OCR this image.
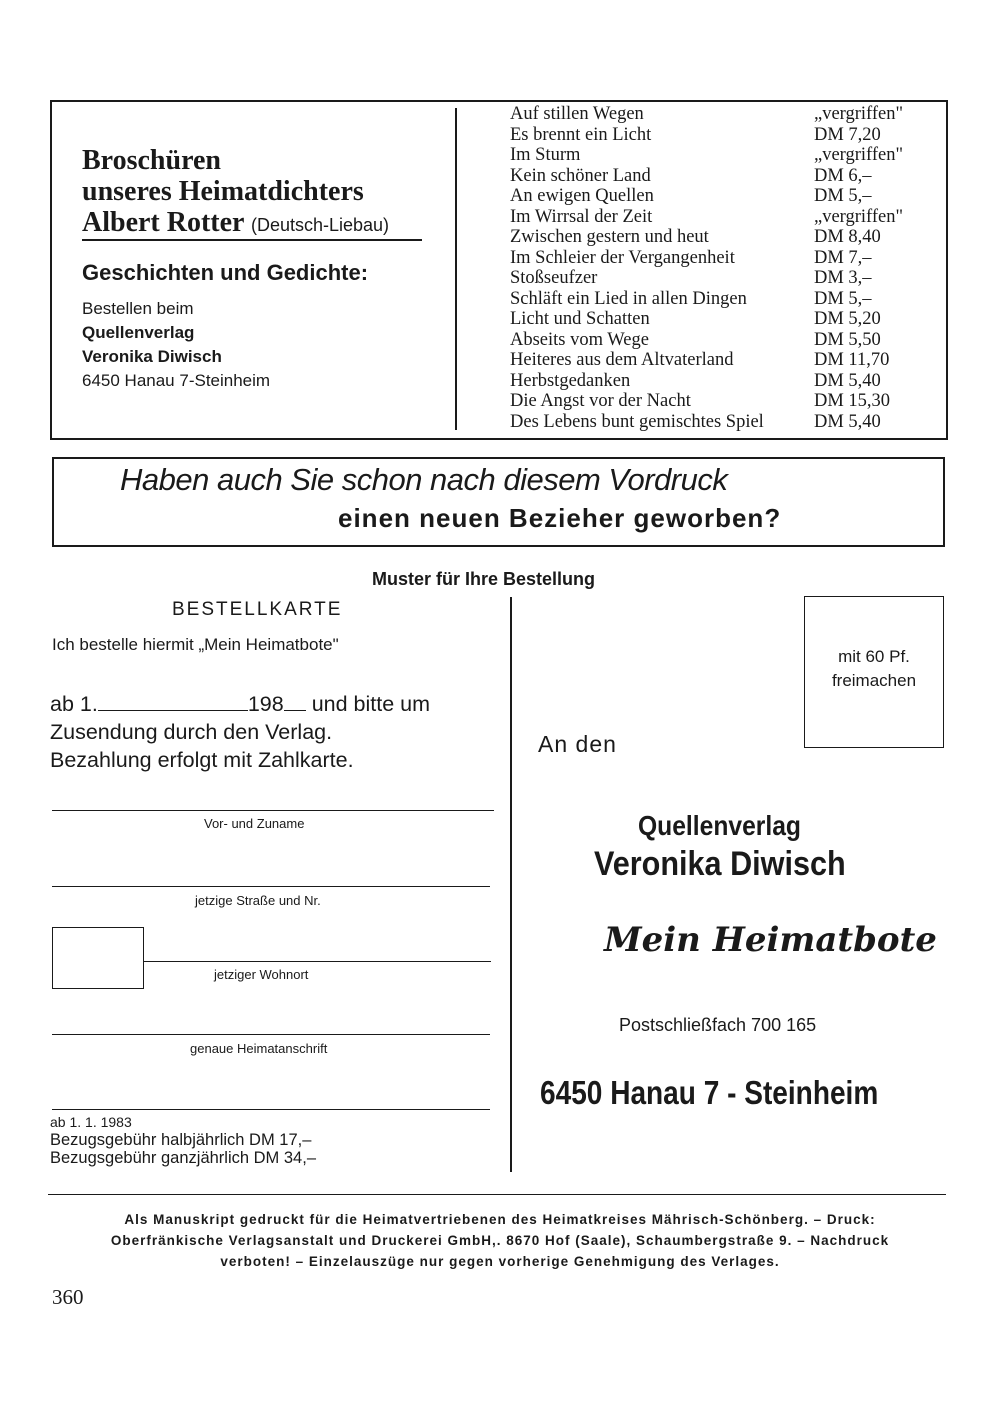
Broschüren
unseres Heimatdichters
Albert Rotter (Deutsch-Liebau)
Geschichten und Gedichte:
Bestellen beim
Quellenverlag
Veronika Diwisch
6450 Hanau 7-Steinheim
Auf stillen Wegen	„vergriffen"
Es brennt ein Licht	DM 7,20
Im Sturm	„vergriffen"
Kein schöner Land	DM 6,–
An ewigen Quellen	DM 5,–
Im Wirrsal der Zeit	„vergriffen"
Zwischen gestern und heut	DM 8,40
Im Schleier der Vergangenheit	DM 7,–
Stoßseufzer	DM 3,–
Schläft ein Lied in allen Dingen	DM 5,–
Licht und Schatten	DM 5,20
Abseits vom Wege	DM 5,50
Heiteres aus dem Altvaterland	DM 11,70
Herbstgedanken	DM 5,40
Die Angst vor der Nacht	DM 15,30
Des Lebens bunt gemischtes Spiel	DM 5,40
Haben auch Sie schon nach diesem Vordruck
einen neuen Bezieher geworben?
Muster für Ihre Bestellung
BESTELLKARTE
Ich bestelle hiermit „Mein Heimatbote"
ab 1.	198 und bitte um
Zusendung durch den Verlag.
Bezahlung erfolgt mit Zahlkarte.
Vor- und Zuname
jetzige Straße und Nr.
jetziger Wohnort
genaue Heimatanschrift
ab 1. 1. 1983
Bezugsgebühr halbjährlich DM 17,–
Bezugsgebühr ganzjährlich DM 34,–
mit 60 Pf.
freimachen
An den
Quellenverlag
Veronika Diwisch
Mein Heimatbote
Postschließfach 700 165
6450 Hanau 7 - Steinheim
Als Manuskript gedruckt für die Heimatvertriebenen des Heimatkreises Mährisch-Schönberg. – Druck:
Oberfränkische Verlagsanstalt und Druckerei GmbH,. 8670 Hof (Saale), Schaumbergstraße 9. – Nachdruck
verboten! – Einzelauszüge nur gegen vorherige Genehmigung des Verlages.
360
